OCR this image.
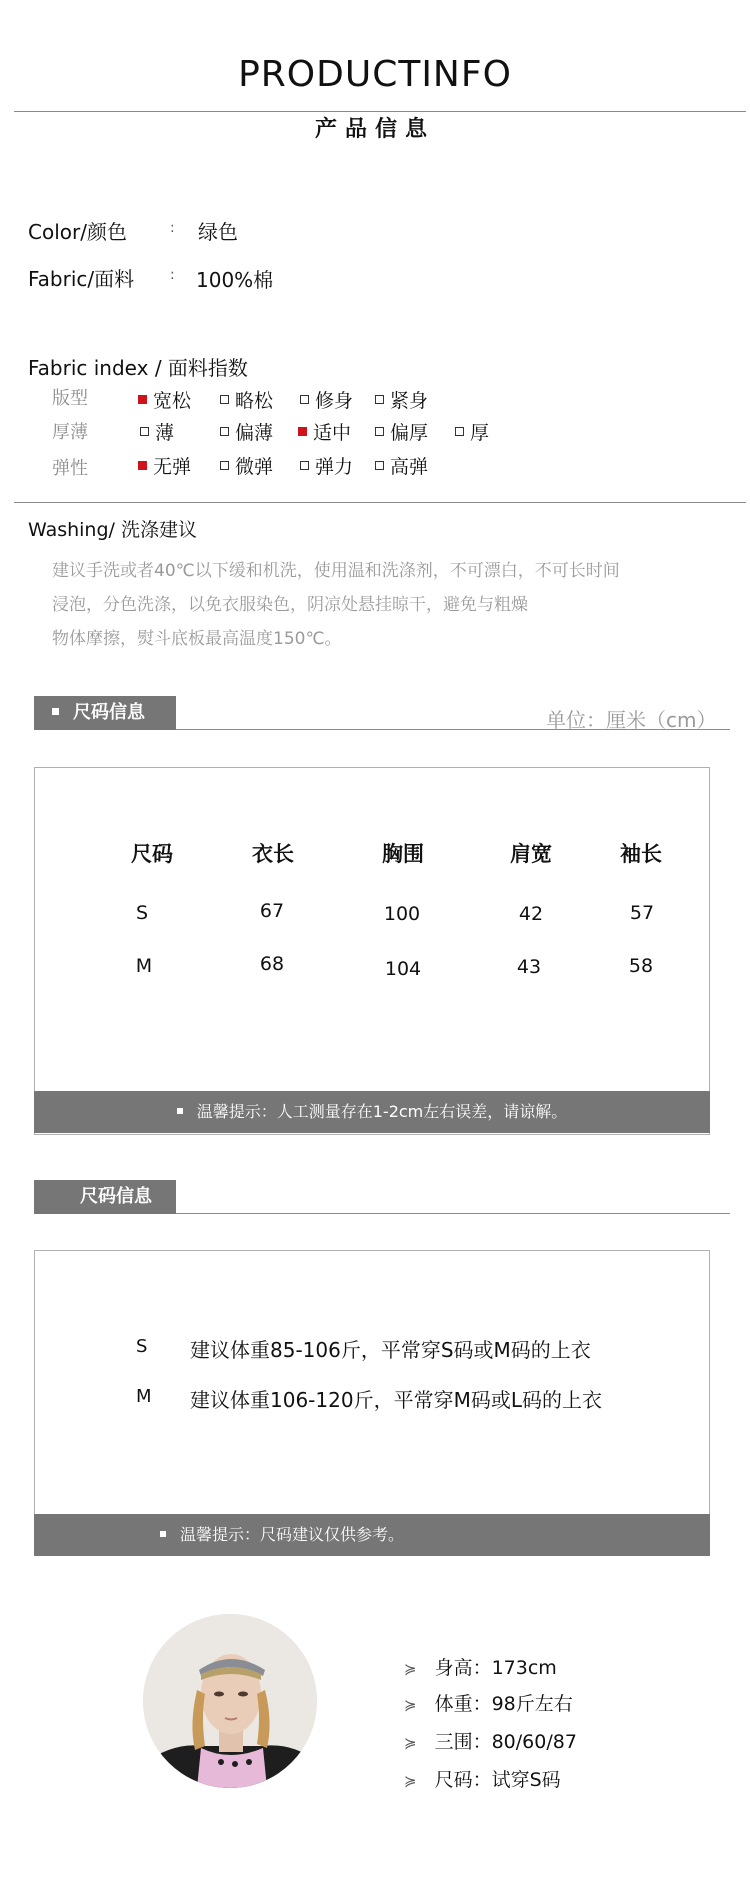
PRODUCTINFO
产品信息
Color/颜色	: 绿色
Fabric/面料	: 100%棉
Fabric index / 面料指数
版型	宽松	略松	修身	紧身
厚薄	薄	偏薄	适中	偏厚	厚
弹性	无弹	微弹	弹力	高弹
Washing/ 洗涤建议
建议手洗或者40℃以下缓和机洗，使用温和洗涤剂，不可漂白，不可长时间
浸泡，分色洗涤，以免衣服染色，阴凉处悬挂晾干，避免与粗燥
物体摩擦，熨斗底板最高温度150℃。
尺码信息	单位：厘米（cm）
尺码	衣长	胸围	肩宽	袖长
S	67	100	42	57
M	68	104	43	58
温馨提示：人工测量存在1-2cm左右误差，请谅解。
尺码信息
S 建议体重85-106斤，平常穿S码或M码的上衣
M 建议体重106-120斤，平常穿M码或L码的上衣
温馨提示：尺码建议仅供参考。
≽ 身高：173cm
≽ 体重：98斤左右
≽ 三围：80/60/87
≽ 尺码：试穿S码
